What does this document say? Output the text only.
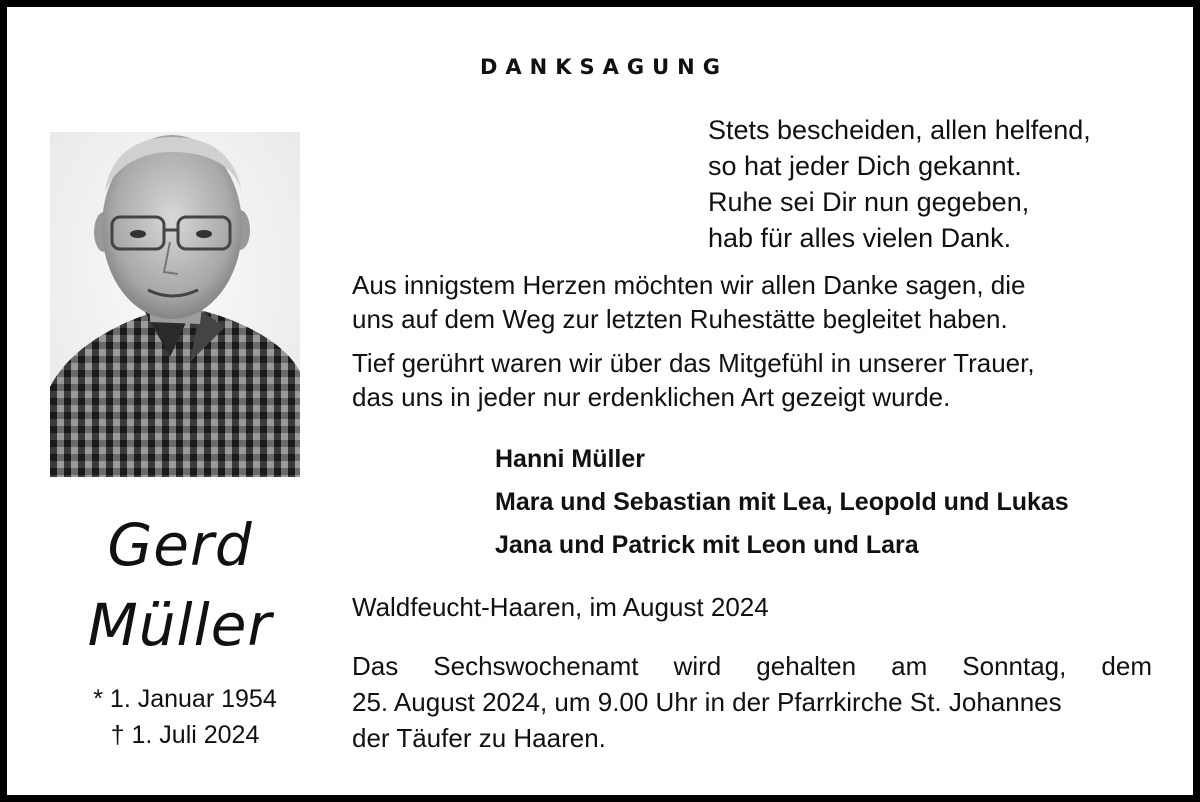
DANKSAGUNG
Gerd
Müller
* 1. Januar 1954
† 1. Juli 2024
Stets bescheiden, allen helfend,
so hat jeder Dich gekannt.
Ruhe sei Dir nun gegeben,
hab für alles vielen Dank.
Aus innigstem Herzen möchten wir allen Danke sagen, die
uns auf dem Weg zur letzten Ruhestätte begleitet haben.
Tief gerührt waren wir über das Mitgefühl in unserer Trauer,
das uns in jeder nur erdenklichen Art gezeigt wurde.
Hanni Müller
Mara und Sebastian mit Lea, Leopold und Lukas
Jana und Patrick mit Leon und Lara
Waldfeucht-Haaren, im August 2024
Das Sechswochenamt wird gehalten am Sonntag, dem
25. August 2024, um 9.00 Uhr in der Pfarrkirche St. Johannes
der Täufer zu Haaren.
